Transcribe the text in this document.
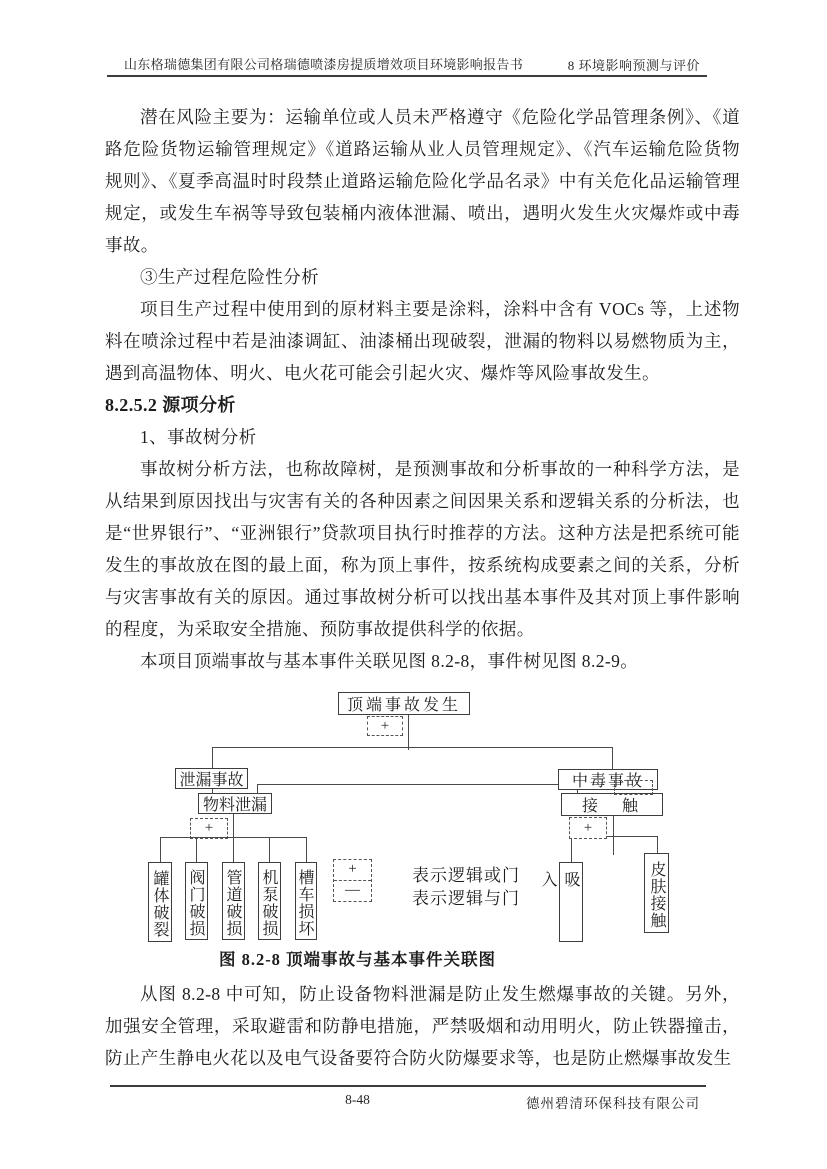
山东格瑞德集团有限公司格瑞德喷漆房提质增效项目环境影响报告书	8 环境影响预测与评价

潜在风险主要为：运输单位或人员未严格遵守《危险化学品管理条例》、《道路危险货物运输管理规定》《道路运输从业人员管理规定》、《汽车运输危险货物规则》、《夏季高温时时段禁止道路运输危险化学品名录》中有关危化品运输管理规定，或发生车祸等导致包装桶内液体泄漏、喷出，遇明火发生火灾爆炸或中毒事故。

③生产过程危险性分析

项目生产过程中使用到的原材料主要是涂料，涂料中含有 VOCs 等，上述物料在喷涂过程中若是油漆调缸、油漆桶出现破裂，泄漏的物料以易燃物质为主，遇到高温物体、明火、电火花可能会引起火灾、爆炸等风险事故发生。

8.2.5.2 源项分析

1、事故树分析

事故树分析方法，也称故障树，是预测事故和分析事故的一种科学方法，是从结果到原因找出与灾害有关的各种因素之间因果关系和逻辑关系的分析法，也是“世界银行”、“亚洲银行”贷款项目执行时推荐的方法。这种方法是把系统可能发生的事故放在图的最上面，称为顶上事件，按系统构成要素之间的关系，分析与灾害事故有关的原因。通过事故树分析可以找出基本事件及其对顶上事件影响的程度，为采取安全措施、预防事故提供科学的依据。

本项目顶端事故与基本事件关联见图 8.2-8，事件树见图 8.2-9。

顶端事故发生
泄漏事故	中毒事故
物料泄漏	接　触
+
+	+
罐体破裂 阀门破损 管道破损 机泵破损 槽车损坏	吸入	皮肤接触
+
—
表示逻辑或门
表示逻辑与门
图 8.2-8 顶端事故与基本事件关联图

从图 8.2-8 中可知，防止设备物料泄漏是防止发生燃爆事故的关键。另外，加强安全管理，采取避雷和防静电措施，严禁吸烟和动用明火，防止铁器撞击，防止产生静电火花以及电气设备要符合防火防爆要求等，也是防止燃爆事故发生

8-48	德州碧清环保科技有限公司
